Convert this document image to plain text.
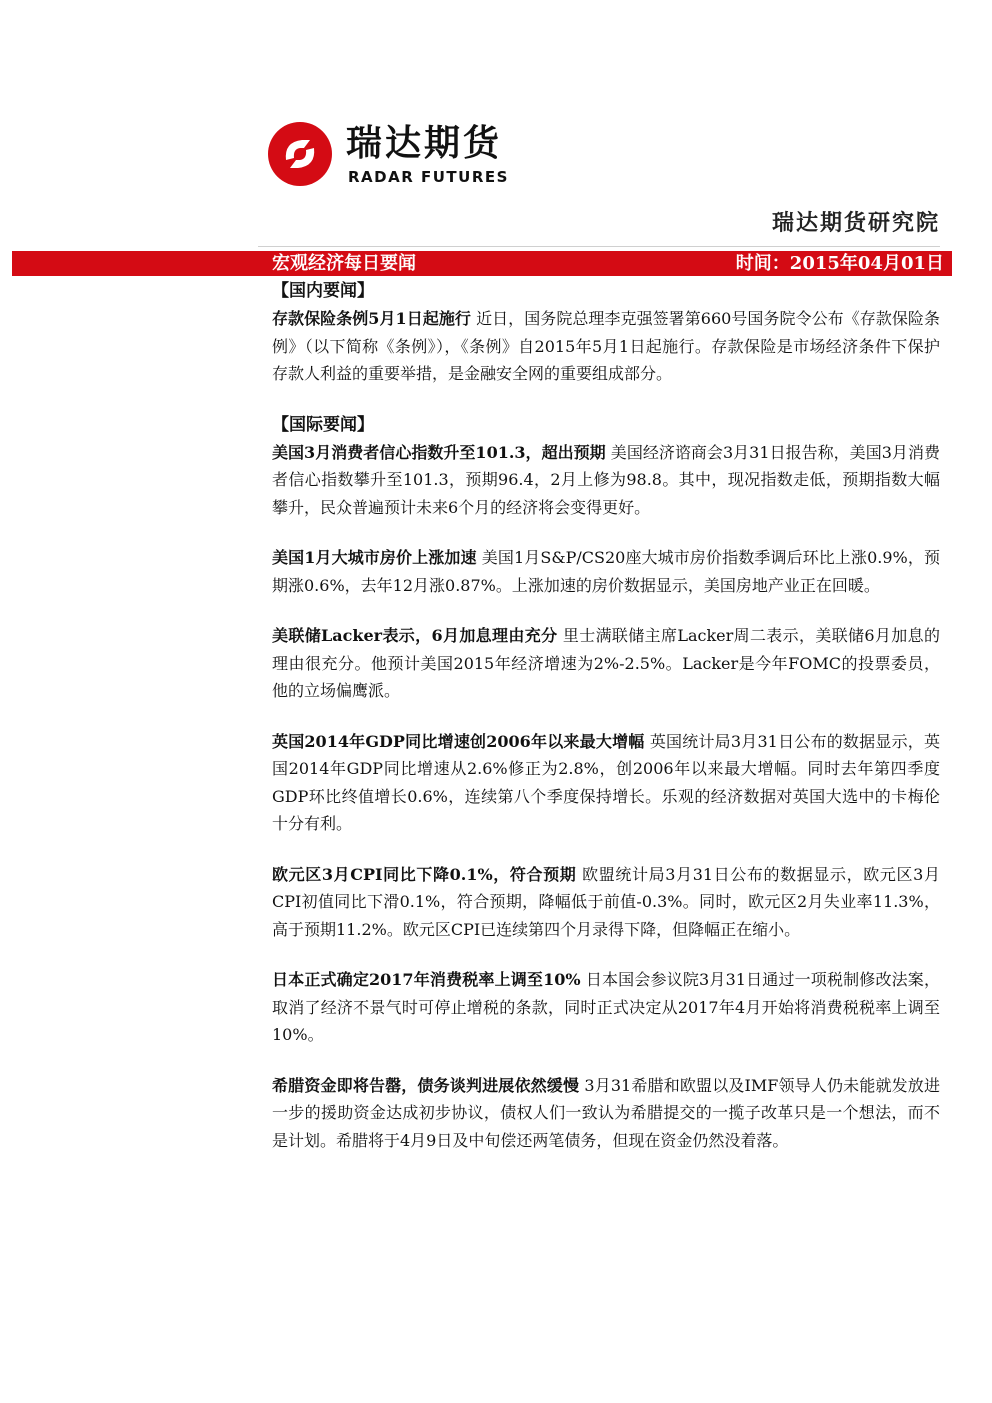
瑞达期货
RADAR FUTURES
瑞达期货研究院
宏观经济每日要闻	时间：2015年04月01日
【国内要闻】

存款保险条例5月1日起施行 近日，国务院总理李克强签署第660号国务院令公布《存款保险条例》（以下简称《条例》），《条例》自2015年5月1日起施行。存款保险是市场经济条件下保护存款人利益的重要举措，是金融安全网的重要组成部分。

【国际要闻】

美国3月消费者信心指数升至101.3，超出预期 美国经济谘商会3月31日报告称，美国3月消费者信心指数攀升至101.3，预期96.4，2月上修为98.8。其中，现况指数走低，预期指数大幅攀升，民众普遍预计未来6个月的经济将会变得更好。

美国1月大城市房价上涨加速 美国1月S&P/CS20座大城市房价指数季调后环比上涨0.9%，预期涨0.6%，去年12月涨0.87%。上涨加速的房价数据显示，美国房地产业正在回暖。

美联储Lacker表示，6月加息理由充分 里士满联储主席Lacker周二表示，美联储6月加息的理由很充分。他预计美国2015年经济增速为2%-2.5%。Lacker是今年FOMC的投票委员，他的立场偏鹰派。

英国2014年GDP同比增速创2006年以来最大增幅 英国统计局3月31日公布的数据显示，英国2014年GDP同比增速从2.6%修正为2.8%，创2006年以来最大增幅。同时去年第四季度GDP环比终值增长0.6%，连续第八个季度保持增长。乐观的经济数据对英国大选中的卡梅伦十分有利。

欧元区3月CPI同比下降0.1%，符合预期 欧盟统计局3月31日公布的数据显示，欧元区3月CPI初值同比下滑0.1%，符合预期，降幅低于前值-0.3%。同时，欧元区2月失业率11.3%，高于预期11.2%。欧元区CPI已连续第四个月录得下降，但降幅正在缩小。

日本正式确定2017年消费税率上调至10% 日本国会参议院3月31日通过一项税制修改法案，取消了经济不景气时可停止增税的条款，同时正式决定从2017年4月开始将消费税税率上调至10%。

希腊资金即将告罄，债务谈判进展依然缓慢 3月31希腊和欧盟以及IMF领导人仍未能就发放进一步的援助资金达成初步协议，债权人们一致认为希腊提交的一揽子改革只是一个想法，而不是计划。希腊将于4月9日及中旬偿还两笔债务，但现在资金仍然没着落。
